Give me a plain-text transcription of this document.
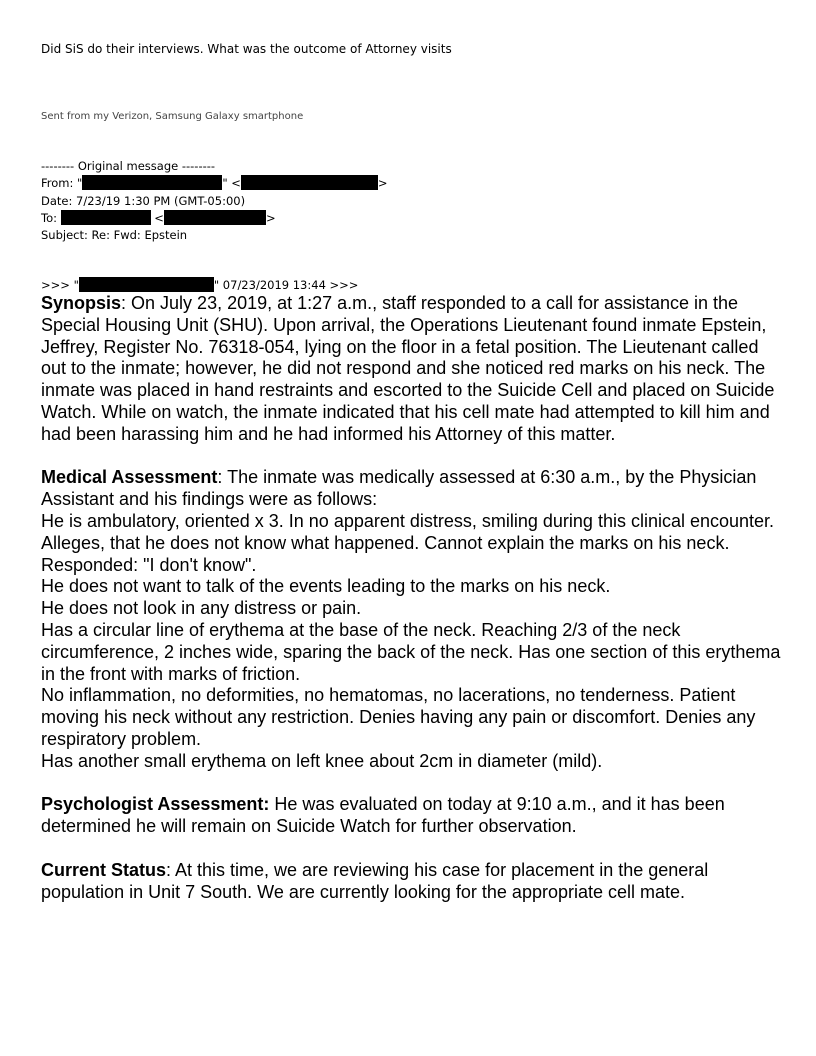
Did SiS do their interviews. What was the outcome of Attorney visits
Sent from my Verizon, Samsung Galaxy smartphone
-------- Original message --------
From: "	" <	>
Date: 7/23/19 1:30 PM (GMT-05:00)
To:	<	>
Subject: Re: Fwd: Epstein
>>> "	" 07/23/2019 13:44 >>>

Synopsis: On July 23, 2019, at 1:27 a.m., staff responded to a call for assistance in the Special Housing Unit (SHU). Upon arrival, the Operations Lieutenant found inmate Epstein, Jeffrey, Register No. 76318-054, lying on the floor in a fetal position. The Lieutenant called out to the inmate; however, he did not respond and she noticed red marks on his neck. The inmate was placed in hand restraints and escorted to the Suicide Cell and placed on Suicide Watch. While on watch, the inmate indicated that his cell mate had attempted to kill him and had been harassing him and he had informed his Attorney of this matter.

Medical Assessment: The inmate was medically assessed at 6:30 a.m., by the Physician Assistant and his findings were as follows:
He is ambulatory, oriented x 3. In no apparent distress, smiling during this clinical encounter. Alleges, that he does not know what happened. Cannot explain the marks on his neck. Responded: "I don't know".
He does not want to talk of the events leading to the marks on his neck.
He does not look in any distress or pain.
Has a circular line of erythema at the base of the neck. Reaching 2/3 of the neck circumference, 2 inches wide, sparing the back of the neck. Has one section of this erythema in the front with marks of friction.
No inflammation, no deformities, no hematomas, no lacerations, no tenderness. Patient moving his neck without any restriction. Denies having any pain or discomfort. Denies any respiratory problem.
Has another small erythema on left knee about 2cm in diameter (mild).

Psychologist Assessment: He was evaluated on today at 9:10 a.m., and it has been determined he will remain on Suicide Watch for further observation.

Current Status: At this time, we are reviewing his case for placement in the general population in Unit 7 South. We are currently looking for the appropriate cell mate.
